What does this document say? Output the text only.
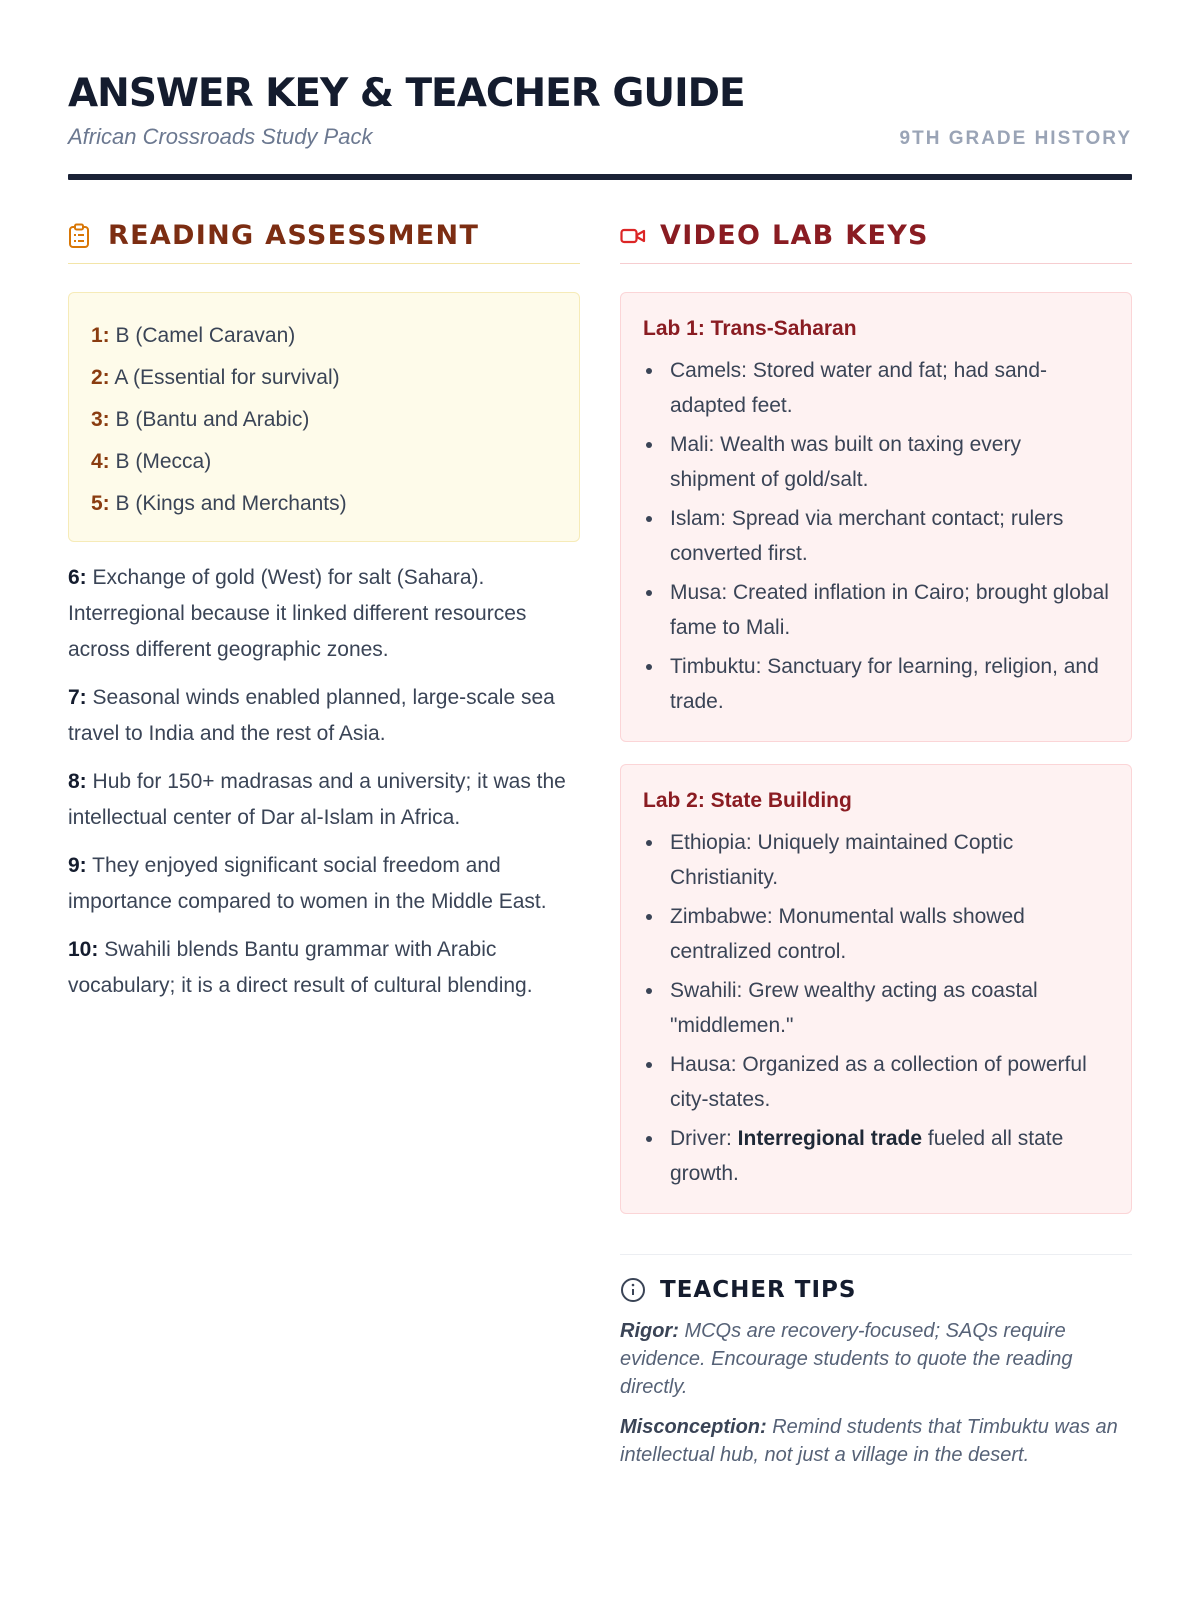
ANSWER KEY & TEACHER GUIDE
African Crossroads Study Pack	9TH GRADE HISTORY
READING ASSESSMENT
1: B (Camel Caravan)
2: A (Essential for survival)
3: B (Bantu and Arabic)
4: B (Mecca)
5: B (Kings and Merchants)

6: Exchange of gold (West) for salt (Sahara). Interregional because it linked different resources across different geographic zones.

7: Seasonal winds enabled planned, large-scale sea travel to India and the rest of Asia.

8: Hub for 150+ madrasas and a university; it was the intellectual center of Dar al-Islam in Africa.

9: They enjoyed significant social freedom and importance compared to women in the Middle East.

10: Swahili blends Bantu grammar with Arabic vocabulary; it is a direct result of cultural blending.

VIDEO LAB KEYS
Lab 1: Trans-Saharan
Camels: Stored water and fat; had sand-adapted feet.
Mali: Wealth was built on taxing every shipment of gold/salt.
Islam: Spread via merchant contact; rulers converted first.
Musa: Created inflation in Cairo; brought global fame to Mali.
Timbuktu: Sanctuary for learning, religion, and trade.
Lab 2: State Building
Ethiopia: Uniquely maintained Coptic Christianity.
Zimbabwe: Monumental walls showed centralized control.
Swahili: Grew wealthy acting as coastal "middlemen."
Hausa: Organized as a collection of powerful city-states.
Driver: Interregional trade fueled all state growth.
TEACHER TIPS

Rigor: MCQs are recovery-focused; SAQs require evidence. Encourage students to quote the reading directly.

Misconception: Remind students that Timbuktu was an intellectual hub, not just a village in the desert.
